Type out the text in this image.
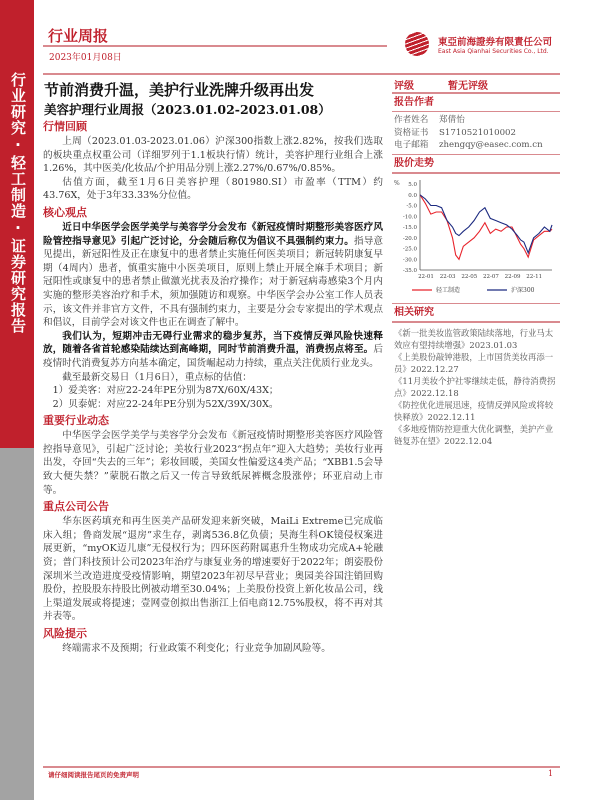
行业研究·轻工制造·证券研究报告
行业周报
2023年01月08日
東亞前海證券有限責任公司
East Asia Qianhai Securities Co., Ltd.
节前消费升温，美护行业洗牌升级再出发
美容护理行业周报（2023.01.02-2023.01.08）
行情回顾
上周（2023.01.03-2023.01.06）沪深300指数上涨2.82%，按我们选取的板块重点权重公司（详细罗列于1.1板块行情）统计，美容护理行业组合上涨1.26%，其中医美/化妆品/个护用品分别上涨2.27%/0.67%/0.85%。
估值方面，截至1月6日美容护理（801980.SI）市盈率（TTM）约43.76X，处于3年33.33%分位值。
核心观点
近日中华医学会医学美学与美容学分会发布《新冠疫情时期整形美容医疗风险管控指导意见》引起广泛讨论，分会随后称仅为倡议不具强制约束力。指导意见提出，新冠阳性及正在康复中的患者禁止实施任何医美项目；新冠转阴康复早期（4周内）患者，慎重实施中小医美项目，原则上禁止开展全麻手术项目；新冠阳性或康复中的患者禁止做激光扰表及治疗操作；对于新冠病毒感染3个月内实施的整形美容治疗和手术，须加强随访和观察。中华医学会办公室工作人员表示，该文件并非官方文件，不具有强制约束力，主要是分会专家提出的学术观点和倡议，目前学会对该文件也正在调查了解中。
我们认为，短期冲击无碍行业需求的稳步复苏，当下疫情反弹风险快速释放，随着各省首轮感染陆续达到高峰期，同时节前消费升温，消费拐点将至。后疫情时代消费复苏方向基本确定，国货崛起动力持续，重点关注优质行业龙头。
截至最新交易日（1月6日），重点标的估值：
1）爱美客：对应22-24年PE分别为87X/60X/43X；
2）贝泰妮：对应22-24年PE分别为52X/39X/30X。
重要行业动态
中华医学会医学美学与美容学分会发布《新冠疫情时期整形美容医疗风险管控指导意见》，引起广泛讨论；美妆行业2023“拐点年”迎入大趋势；美妆行业再出发，夺回“失去的三年”；彩妆回暖，美国女性偏爱这4类产品；“XBB1.5会导致大便失禁？”蒙脱石散之后又一传言导致纸尿裤概念股涨停；环亚启动上市等。
重点公司公告
华东医药填充和再生医美产品研发迎来新突破，MaiLi Extreme已完成临床入组；鲁商发展“退房”求生存，剥离536.8亿负债；昊海生科OK镜侵权案进展更新，“myOK迈儿康”无侵权行为；四环医药附属惠升生物成功完成A+轮融资；普门科技预计公司2023年治疗与康复业务的增速要好于2022年；朗姿股份深圳米兰改造进度受疫情影响，期望2023年初尽早营业；奥园美谷国注销回购股份，控股股东持股比例被动增至30.04%；上美股份投资上新化妆品公司，线上渠道发展或将提速；壹网壹创拟出售浙江上佰电商12.75%股权，将不再对其并表等。
风险提示
终端需求不及预期；行业政策不利变化；行业竞争加剧风险等。
评级	暂无评级
报告作者
作者姓名	郑倩怡
资格证书	S1710521010002
电子邮箱	zhengqy@easec.com.cn
股价走势
% 5.0
0.0
-5.0
-10.0
-15.0
-20.0
-25.0
-30.0
-35.0
22-01 22-03 22-05 22-07 22-09 22-11
轻工制造	沪深300
相关研究
《新一批美妆监管政策陆续落地，行业马太效应有望持续增强》2023.01.03
《上美股份敲钟港股，上市国货美妆再添一员》2022.12.27
《11月美妆个护社零继续走低，静待消费拐点》2022.12.18
《防控优化进展迅速，疫情反弹风险或将较快释放》2022.12.11
《多地疫情防控迎重大优化调整，美护产业链复苏在望》2022.12.04
请仔细阅读报告尾页的免责声明	1
